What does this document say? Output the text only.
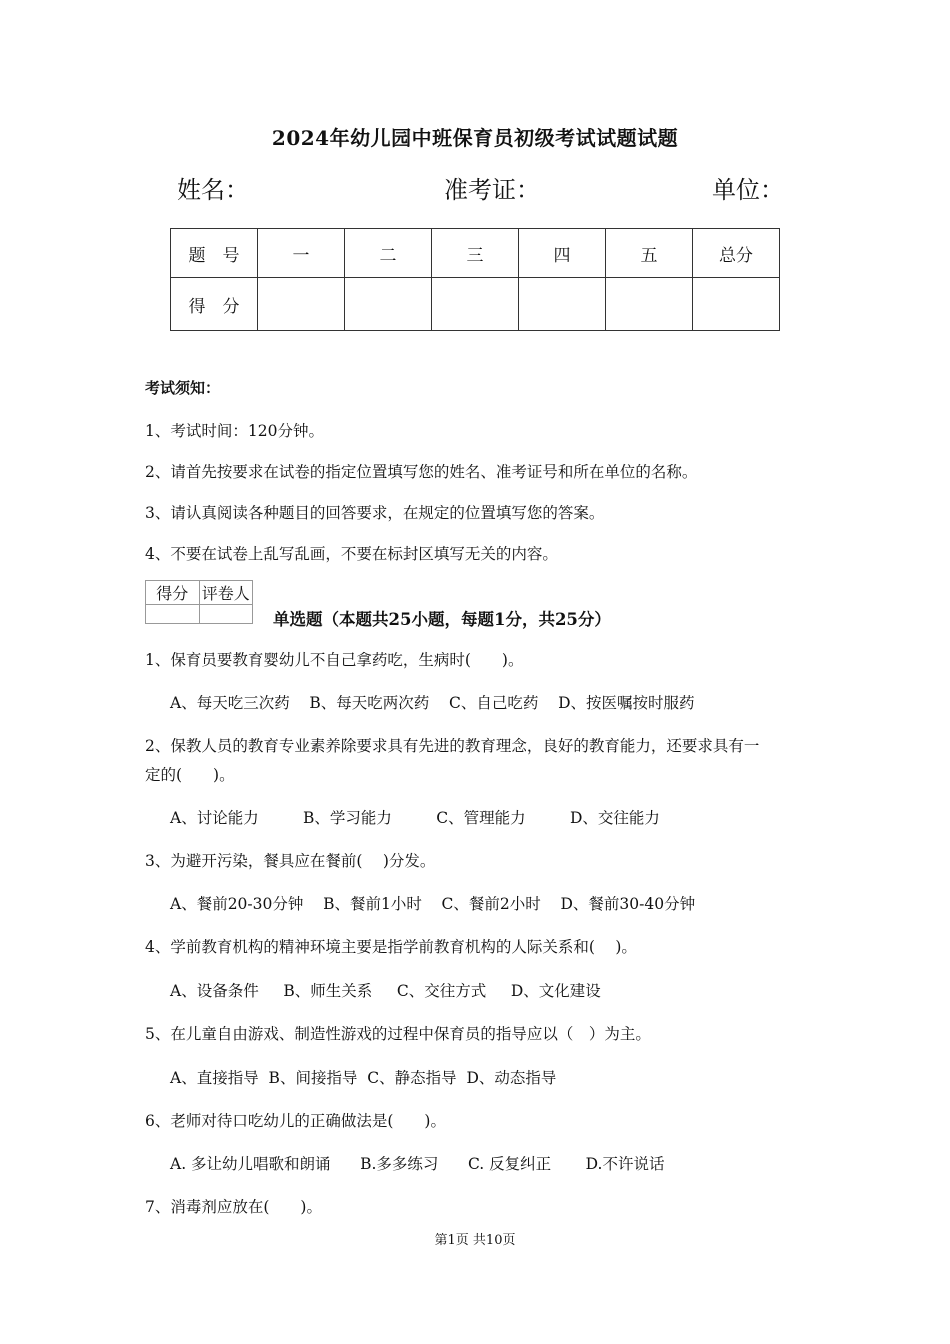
2024年幼儿园中班保育员初级考试试题试题
姓名：	准考证：	单位：
题　号	一	二	三	四	五	总分
得　分						
考试须知：
1、考试时间：120分钟。
2、请首先按要求在试卷的指定位置填写您的姓名、准考证号和所在单位的名称。
3、请认真阅读各种题目的回答要求，在规定的位置填写您的答案。
4、不要在试卷上乱写乱画，不要在标封区填写无关的内容。
得分	评卷人

单选题（本题共25小题，每题1分，共25分）
1、保育员要教育婴幼儿不自己拿药吃，生病时(　　)。
A、每天吃三次药    B、每天吃两次药    C、自己吃药    D、按医嘱按时服药
2、保教人员的教育专业素养除要求具有先进的教育理念，良好的教育能力，还要求具有一
定的(　　)。
A、讨论能力         B、学习能力         C、管理能力         D、交往能力
3、为避开污染，餐具应在餐前(　 )分发。
A、餐前20-30分钟    B、餐前1小时    C、餐前2小时    D、餐前30-40分钟
4、学前教育机构的精神环境主要是指学前教育机构的人际关系和(　 )。
A、设备条件     B、师生关系     C、交往方式     D、文化建设
5、在儿童自由游戏、制造性游戏的过程中保育员的指导应以（　）为主。
A、直接指导  B、间接指导  C、静态指导  D、动态指导
6、老师对待口吃幼儿的正确做法是(　　)。
A. 多让幼儿唱歌和朗诵      B.多多练习      C. 反复纠正       D.不许说话
7、消毒剂应放在(　　)。
第1页 共10页
